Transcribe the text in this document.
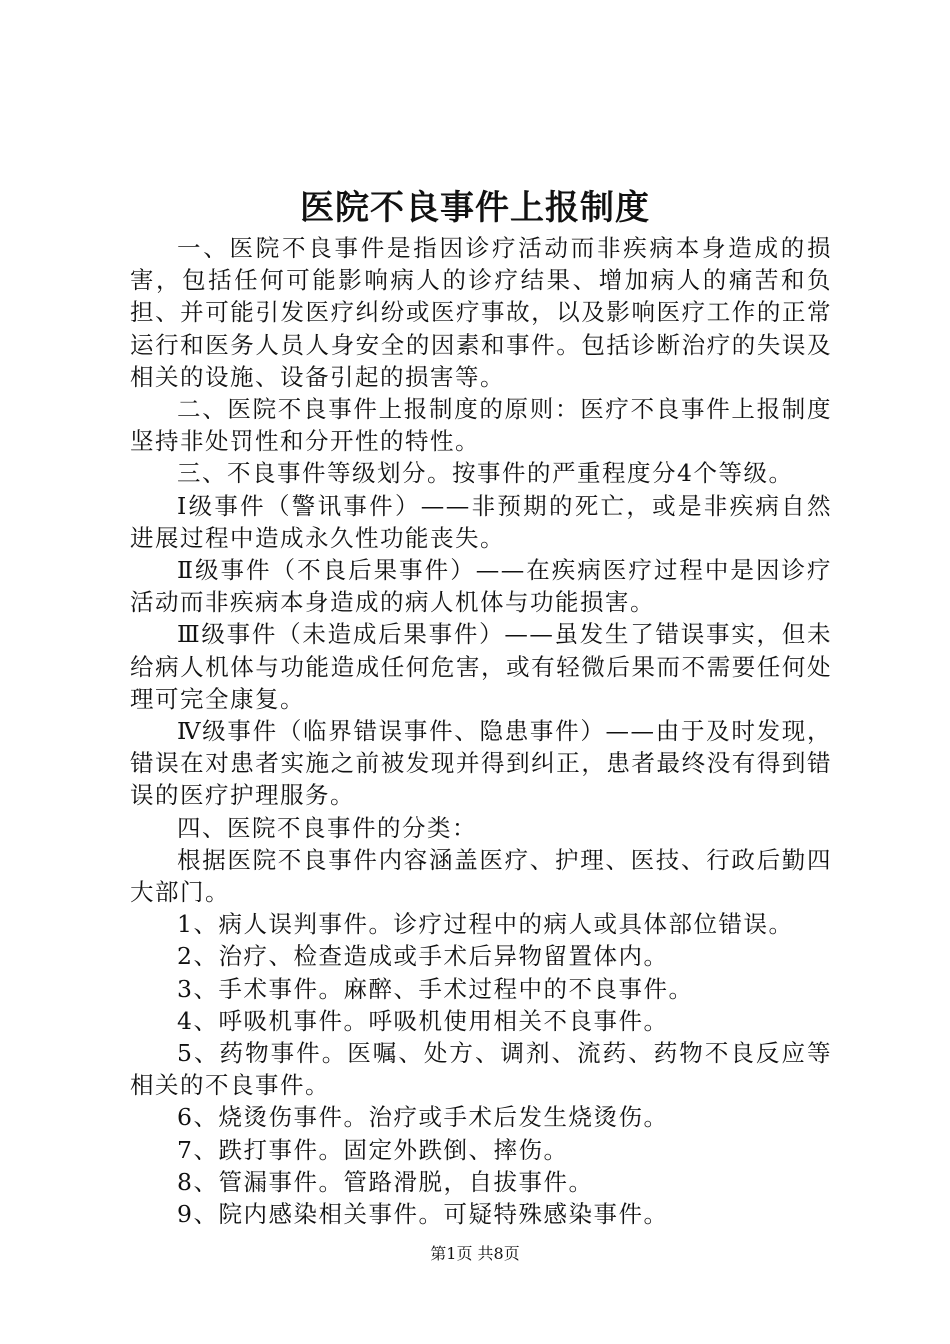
医院不良事件上报制度

一、医院不良事件是指因诊疗活动而非疾病本身造成的损害，包括任何可能影响病人的诊疗结果、增加病人的痛苦和负担、并可能引发医疗纠纷或医疗事故，以及影响医疗工作的正常运行和医务人员人身安全的因素和事件。包括诊断治疗的失误及相关的设施、设备引起的损害等。

二、医院不良事件上报制度的原则：医疗不良事件上报制度坚持非处罚性和分开性的特性。

三、不良事件等级划分。按事件的严重程度分4个等级。

Ⅰ级事件（警讯事件）——非预期的死亡，或是非疾病自然进展过程中造成永久性功能丧失。

Ⅱ级事件（不良后果事件）——在疾病医疗过程中是因诊疗活动而非疾病本身造成的病人机体与功能损害。

Ⅲ级事件（未造成后果事件）——虽发生了错误事实，但未给病人机体与功能造成任何危害，或有轻微后果而不需要任何处理可完全康复。

Ⅳ级事件（临界错误事件、隐患事件）——由于及时发现，错误在对患者实施之前被发现并得到纠正，患者最终没有得到错误的医疗护理服务。

四、医院不良事件的分类：

根据医院不良事件内容涵盖医疗、护理、医技、行政后勤四大部门。

1、病人误判事件。诊疗过程中的病人或具体部位错误。

2、治疗、检查造成或手术后异物留置体内。

3、手术事件。麻醉、手术过程中的不良事件。

4、呼吸机事件。呼吸机使用相关不良事件。

5、药物事件。医嘱、处方、调剂、流药、药物不良反应等相关的不良事件。

6、烧烫伤事件。治疗或手术后发生烧烫伤。

7、跌打事件。固定外跌倒、摔伤。

8、管漏事件。管路滑脱，自拔事件。

9、院内感染相关事件。可疑特殊感染事件。

第1页 共8页
